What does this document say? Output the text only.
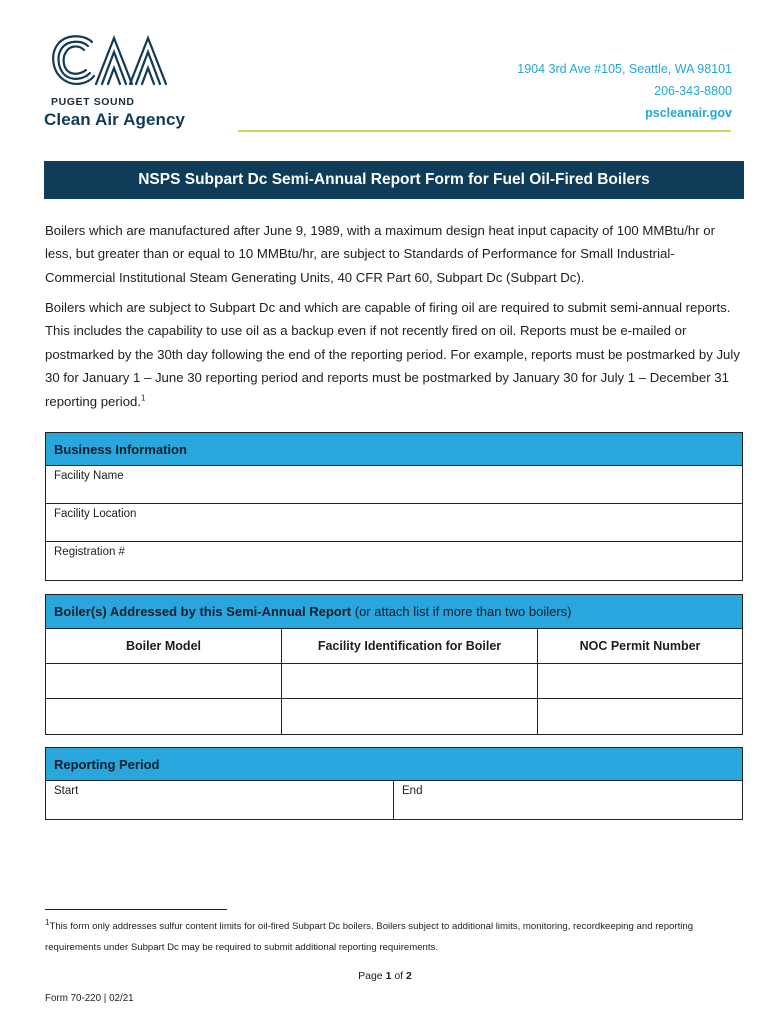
PUGET SOUND
Clean Air Agency
1904 3rd Ave #105, Seattle, WA 98101
206-343-8800
pscleanair.gov
NSPS Subpart Dc Semi-Annual Report Form for Fuel Oil-Fired Boilers
Boilers which are manufactured after June 9, 1989, with a maximum design heat input capacity of 100 MMBtu/hr or less, but greater than or equal to 10 MMBtu/hr, are subject to Standards of Performance for Small Industrial-Commercial Institutional Steam Generating Units, 40 CFR Part 60, Subpart Dc (Subpart Dc).
Boilers which are subject to Subpart Dc and which are capable of firing oil are required to submit semi-annual reports. This includes the capability to use oil as a backup even if not recently fired on oil. Reports must be e-mailed or postmarked by the 30th day following the end of the reporting period. For example, reports must be postmarked by July 30 for January 1 – June 30 reporting period and reports must be postmarked by January 30 for July 1 – December 31 reporting period.$^1$
Business Information
Facility Name
Facility Location
Registration #
Boiler(s) Addressed by this Semi-Annual Report (or attach list if more than two boilers)
Boiler Model	Facility Identification for Boiler	NOC Permit Number
Reporting Period
Start	End
$^1$This form only addresses sulfur content limits for oil-fired Subpart Dc boilers. Boilers subject to additional limits, monitoring, recordkeeping and reporting requirements under Subpart Dc may be required to submit additional reporting requirements.
Page 1 of 2
Form 70-220 | 02/21
